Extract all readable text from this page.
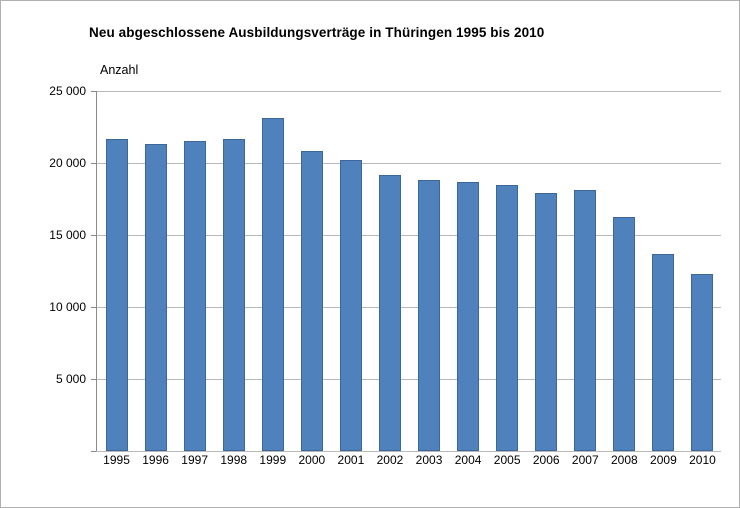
Neu abgeschlossene Ausbildungsverträge in Thüringen 1995 bis 2010
Anzahl
5 000
10 000
15 000
20 000
25 000
1995	1996	1997	1998	1999	2000	2001	2002	2003	2004	2005	2006	2007	2008	2009	2010
